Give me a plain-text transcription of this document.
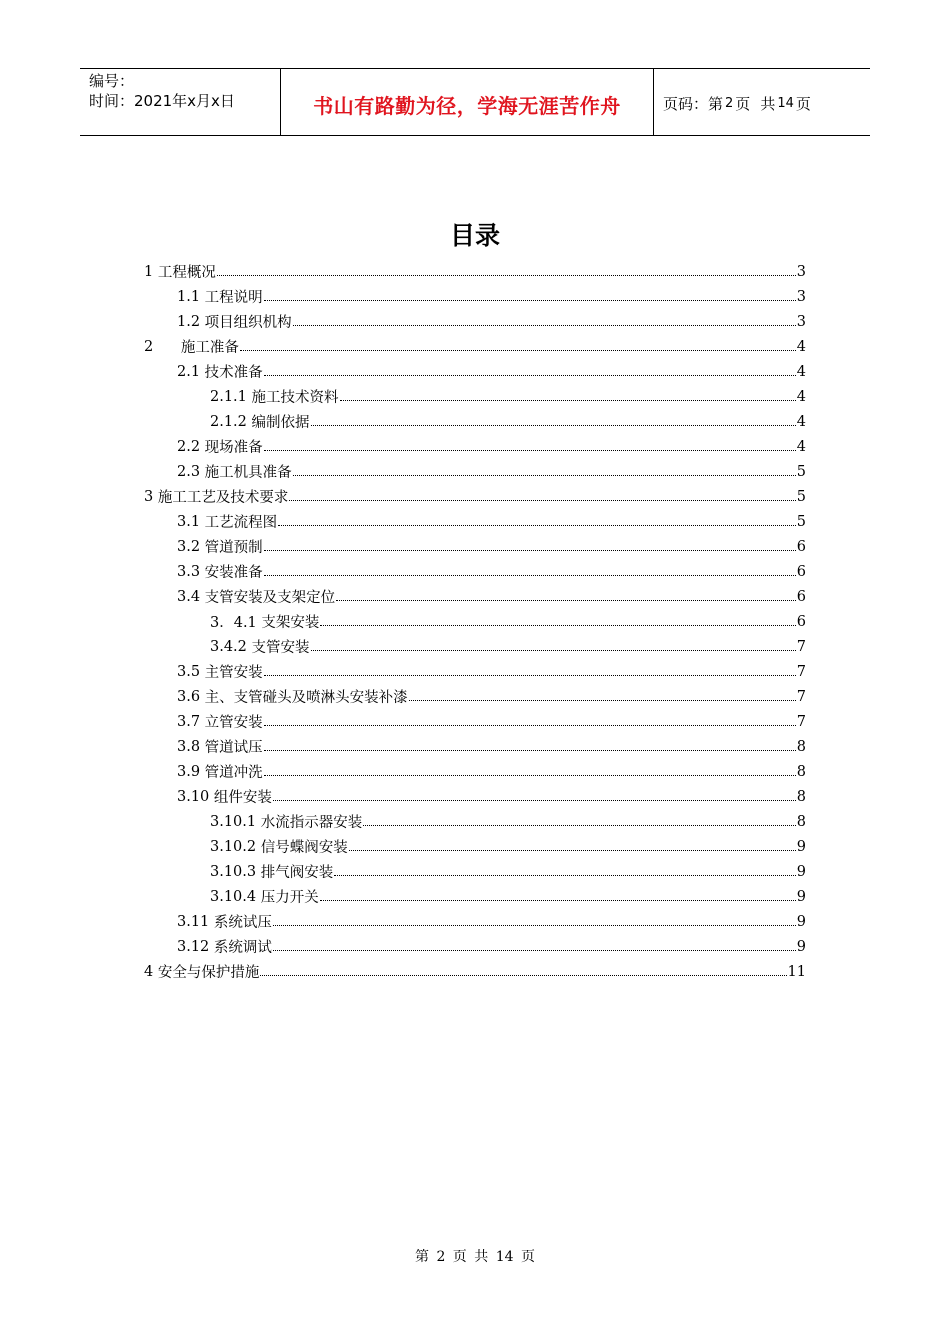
编号：
时间：2021年x月x日	书山有路勤为径，学海无涯苦作舟	页码：第 2 页 共 14 页
目录
1 工程概况	3
1.1 工程说明	3
1.2 项目组织机构	3
2 施工准备	4
2.1 技术准备	4
2.1.1 施工技术资料	4
2.1.2 编制依据	4
2.2 现场准备	4
2.3 施工机具准备	5
3 施工工艺及技术要求	5
3.1 工艺流程图	5
3.2 管道预制	6
3.3 安装准备	6
3.4 支管安装及支架定位	6
3．4.1 支架安装	6
3.4.2 支管安装	7
3.5 主管安装	7
3.6 主、支管碰头及喷淋头安装补漆	7
3.7 立管安装	7
3.8 管道试压	8
3.9 管道冲洗	8
3.10 组件安装	8
3.10.1 水流指示器安装	8
3.10.2 信号蝶阀安装	9
3.10.3 排气阀安装	9
3.10.4 压力开关	9
3.11 系统试压	9
3.12 系统调试	9
4 安全与保护措施	11
第 2 页 共 14 页
